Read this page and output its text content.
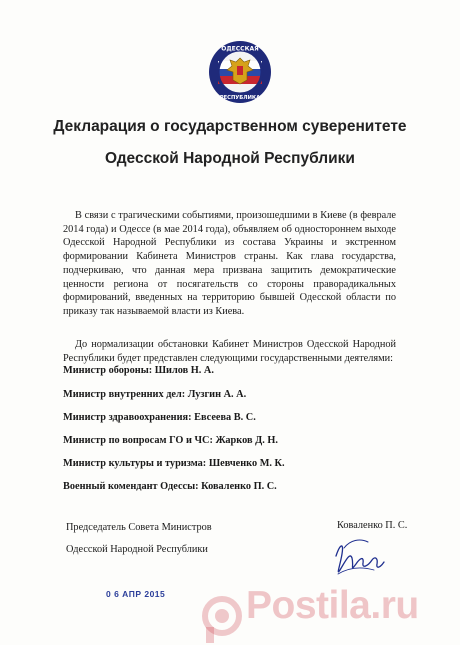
ОДЕССКАЯ
РЕСПУБЛИКА
Декларация о государственном суверенитете
Одесской Народной Республики
В связи с трагическими событиями, произошедшими в Киеве (в феврале 2014 года) и Одессе (в мае 2014 года), объявляем об одностороннем выходе Одесской Народной Республики из состава Украины и экстренном формировании Кабинета Министров страны. Как глава государства, подчеркиваю, что данная мера призвана защитить демократические ценности региона от посягательств со стороны праворадикальных формирований, введенных на территорию бывшей Одесской области по приказу так называемой власти из Киева.
До нормализации обстановки Кабинет Министров Одесской Народной Республики будет представлен следующими государственными деятелями:
Министр обороны: Шилов Н. А.
Министр внутренних дел: Лузгин А. А.
Министр здравоохранения: Евсеева В. С.
Министр по вопросам ГО и ЧС: Жарков Д. Н.
Министр культуры и туризма: Шевченко М. К.
Военный комендант Одессы: Коваленко П. С.
Председатель Совета Министров
Одесской Народной Республики
Коваленко П. С.
0 6 АПР 2015 Postila.ru
